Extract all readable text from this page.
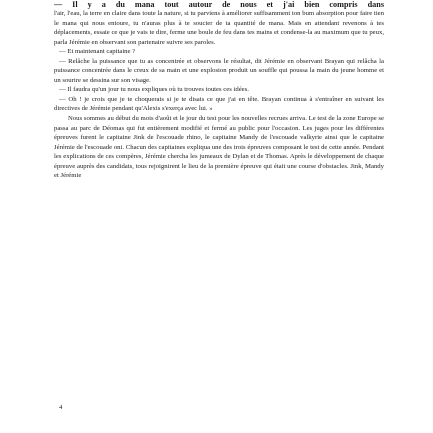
— Il y a du mana tout autour de nous et j'ai bien compris dans

l'air, l'eau, la terre en claire dans toute la nature, si tu parviens à améliorer suffisamment ton bum absorption pour faire tien le mana qui nous entoure, tu n'auras plus à te soucier de ta quantité de mana. Mais en attendant revenons à tes déplacements, essaie ce que je vais te dire, ferme une boule de feu dans tes mains et condense-la au maximum que tu peux, parla Jérémie en observant son partenaire suivre ses paroles.

— Et maintenant capitaine ?

— Relâche la puissance que tu as concentrée et observons le résultat, dit Jérémie en observant Brayan qui relâcha la puissance concentrée dans le creux de sa main et une explosion produit un souffle qui poussa la main du jeune homme et un sourire se dessina sur son visage.

— Il faudra qu'un jour tu nous expliques où tu trouves toutes ces idées.

— Oh ! je crois que je te choquerais si je te disais ce que j'ai en tête. Brayan continua à s'entraîner en suivant les directives de Jérémie pendant qu'Alexis s'exerça avec lui. »

Nous sommes au début du mois d'août et le jour du test pour les nouvelles recrues arriva. Le test de la zone Europe se passa au parc de Déomas qui fut entièrement modifié et fermé au public pour l'occasion. Les juges pour les différentes épreuves furent le capitaine Jink de l'escouade rhino, le capitaine Mandy de l'escouade valkyrie ainsi que le capitaine Jérémie de l'escouade oni. Chacun des capitaines expliqua une des trois épreuves composant le test de cette année. Pendant les explications de ces compères, Jérémie chercha les jumeaux de Dylan et de Thomas. Après le développement de chaque épreuve auprès des candidats, tous rejoignirent le lieu de la première épreuve qui était une course d'obstacles. Jink, Mandy et Jérémie

4
